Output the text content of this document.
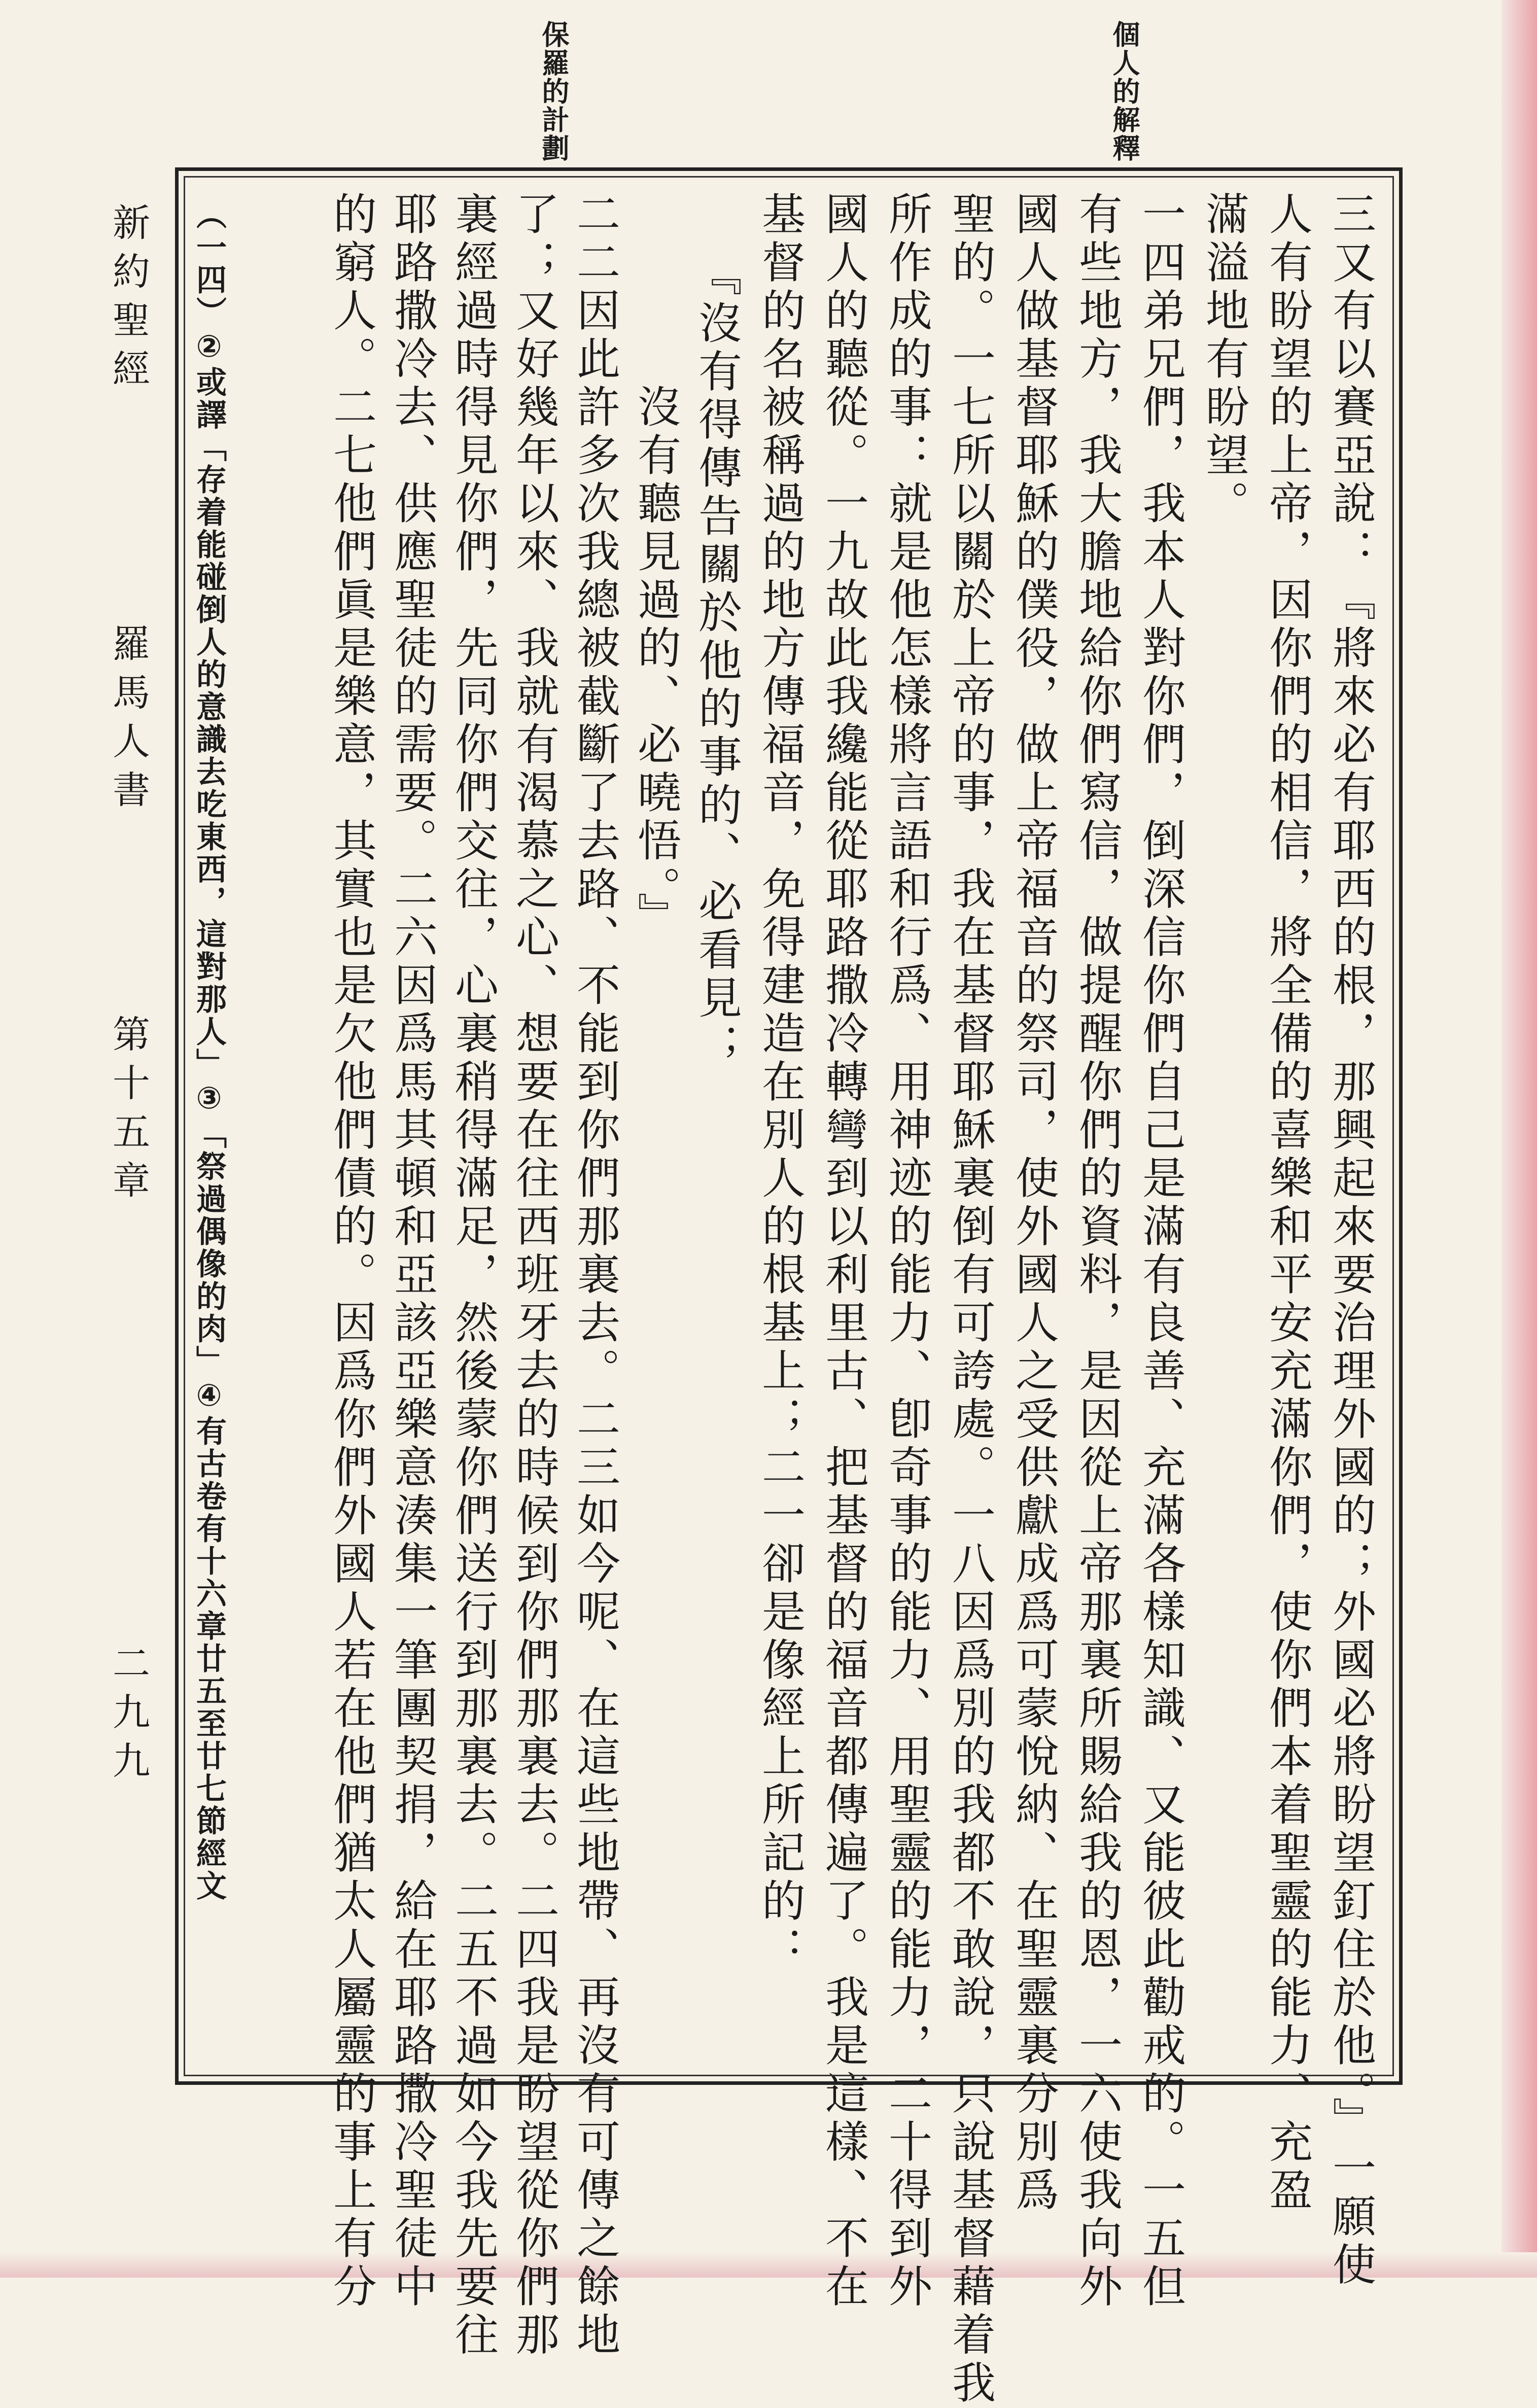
個人的解釋

保羅的計劃

三又有以賽亞說：『將來必有耶西的根，那興起來要治理外國的；外國必將盼望釘住於他。』一願使

人有盼望的上帝，因你們的相信，將全備的喜樂和平安充滿你們，使你們本着聖靈的能力、充盈

滿溢地有盼望。

一四弟兄們，我本人對你們，倒深信你們自己是滿有良善、充滿各樣知識、又能彼此勸戒的。一五但

有些地方，我大膽地給你們寫信，做提醒你們的資料，是因從上帝那裏所賜給我的恩，一六使我向外

國人做基督耶穌的僕役，做上帝福音的祭司，使外國人之受供獻成爲可蒙悅納、在聖靈裏分別爲

聖的。一七所以關於上帝的事，我在基督耶穌裏倒有可誇處。一八因爲別的我都不敢說，只說基督藉着我

所作成的事：就是他怎樣將言語和行爲、用神迹的能力、卽奇事的能力、用聖靈的能力，二十得到外

國人的聽從。一九故此我纔能從耶路撒冷轉彎到以利里古、把基督的福音都傳遍了。我是這樣、不在

基督的名被稱過的地方傳福音，免得建造在別人的根基上；二一卻是像經上所記的：

『沒有得傳告關於他的事的、必看見；

沒有聽見過的、必曉悟。』

二二因此許多次我總被截斷了去路、不能到你們那裏去。二三如今呢、在這些地帶、再沒有可傳之餘地

了；又好幾年以來、我就有渴慕之心、想要在往西班牙去的時候到你們那裏去。二四我是盼望從你們那

裏經過時得見你們，先同你們交往，心裏稍得滿足，然後蒙你們送行到那裏去。二五不過如今我先要往

耶路撒冷去、供應聖徒的需要。二六因爲馬其頓和亞該亞樂意湊集一筆團契捐，給在耶路撒冷聖徒中

的窮人。二七他們眞是樂意，其實也是欠他們債的。因爲你們外國人若在他們猶太人屬靈的事上有分

（一四）②或譯「存着能碰倒人的意識去吃東西，這對那人」③「祭過偶像的肉」④有古卷有十六章廿五至廿七節經文

新約聖經

羅馬人書

第十五章

二九九
